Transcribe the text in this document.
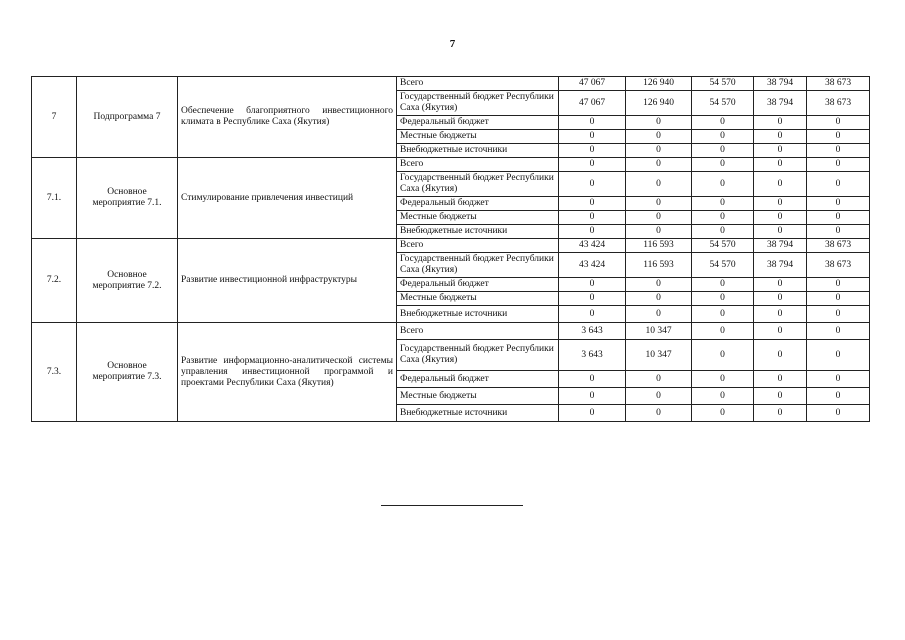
7
7	Подпрограмма 7	Обеспечение благоприятного инвестиционного климата в Республике Саха (Якутия)	Всего	47 067	126 940	54 570	38 794	38 673
			Государственный бюджет Республики Саха (Якутия)	47 067	126 940	54 570	38 794	38 673
			Федеральный бюджет	0	0	0	0	0
			Местные бюджеты	0	0	0	0	0
			Внебюджетные источники	0	0	0	0	0
7.1.	Основное мероприятие 7.1.	Стимулирование привлечения инвестиций	Всего	0	0	0	0	0
			Государственный бюджет Республики Саха (Якутия)	0	0	0	0	0
			Федеральный бюджет	0	0	0	0	0
			Местные бюджеты	0	0	0	0	0
			Внебюджетные источники	0	0	0	0	0
7.2.	Основное мероприятие 7.2.	Развитие инвестиционной инфраструктуры	Всего	43 424	116 593	54 570	38 794	38 673
			Государственный бюджет Республики Саха (Якутия)	43 424	116 593	54 570	38 794	38 673
			Федеральный бюджет	0	0	0	0	0
			Местные бюджеты	0	0	0	0	0
			Внебюджетные источники	0	0	0	0	0
7.3.	Основное мероприятие 7.3.	Развитие информационно-аналитической системы управления инвестиционной программой и проектами Республики Саха (Якутия)	Всего	3 643	10 347	0	0	0
			Государственный бюджет Республики Саха (Якутия)	3 643	10 347	0	0	0
			Федеральный бюджет	0	0	0	0	0
			Местные бюджеты	0	0	0	0	0
			Внебюджетные источники	0	0	0	0	0
